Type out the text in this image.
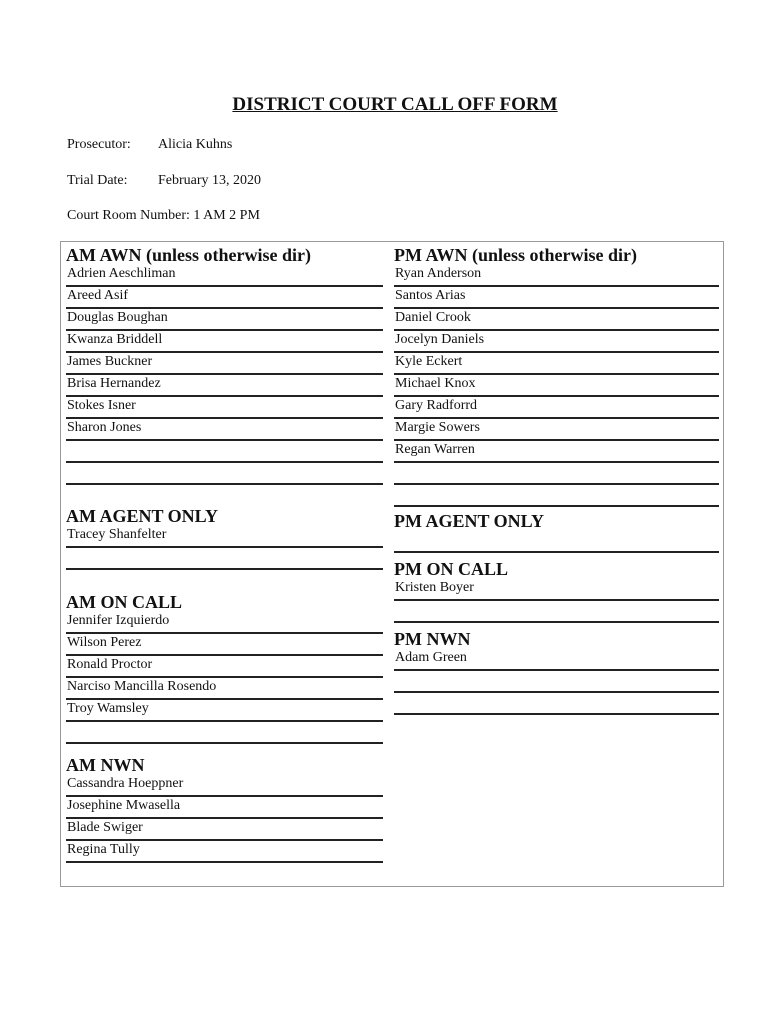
DISTRICT COURT CALL OFF FORM
Prosecutor: Alicia Kuhns
Trial Date: February 13, 2020
Court Room Number: 1 AM 2 PM
AM AWN (unless otherwise dir)
Adrien Aeschliman
Areed Asif
Douglas Boughan
Kwanza Briddell
James Buckner
Brisa Hernandez
Stokes Isner
Sharon Jones
AM AGENT ONLY
Tracey Shanfelter
AM ON CALL
Jennifer Izquierdo
Wilson Perez
Ronald Proctor
Narciso Mancilla Rosendo
Troy Wamsley
AM NWN
Cassandra Hoeppner
Josephine Mwasella
Blade Swiger
Regina Tully
PM AWN (unless otherwise dir)
Ryan Anderson
Santos Arias
Daniel Crook
Jocelyn Daniels
Kyle Eckert
Michael Knox
Gary Radforrd
Margie Sowers
Regan Warren
PM AGENT ONLY
PM ON CALL
Kristen Boyer
PM NWN
Adam Green
